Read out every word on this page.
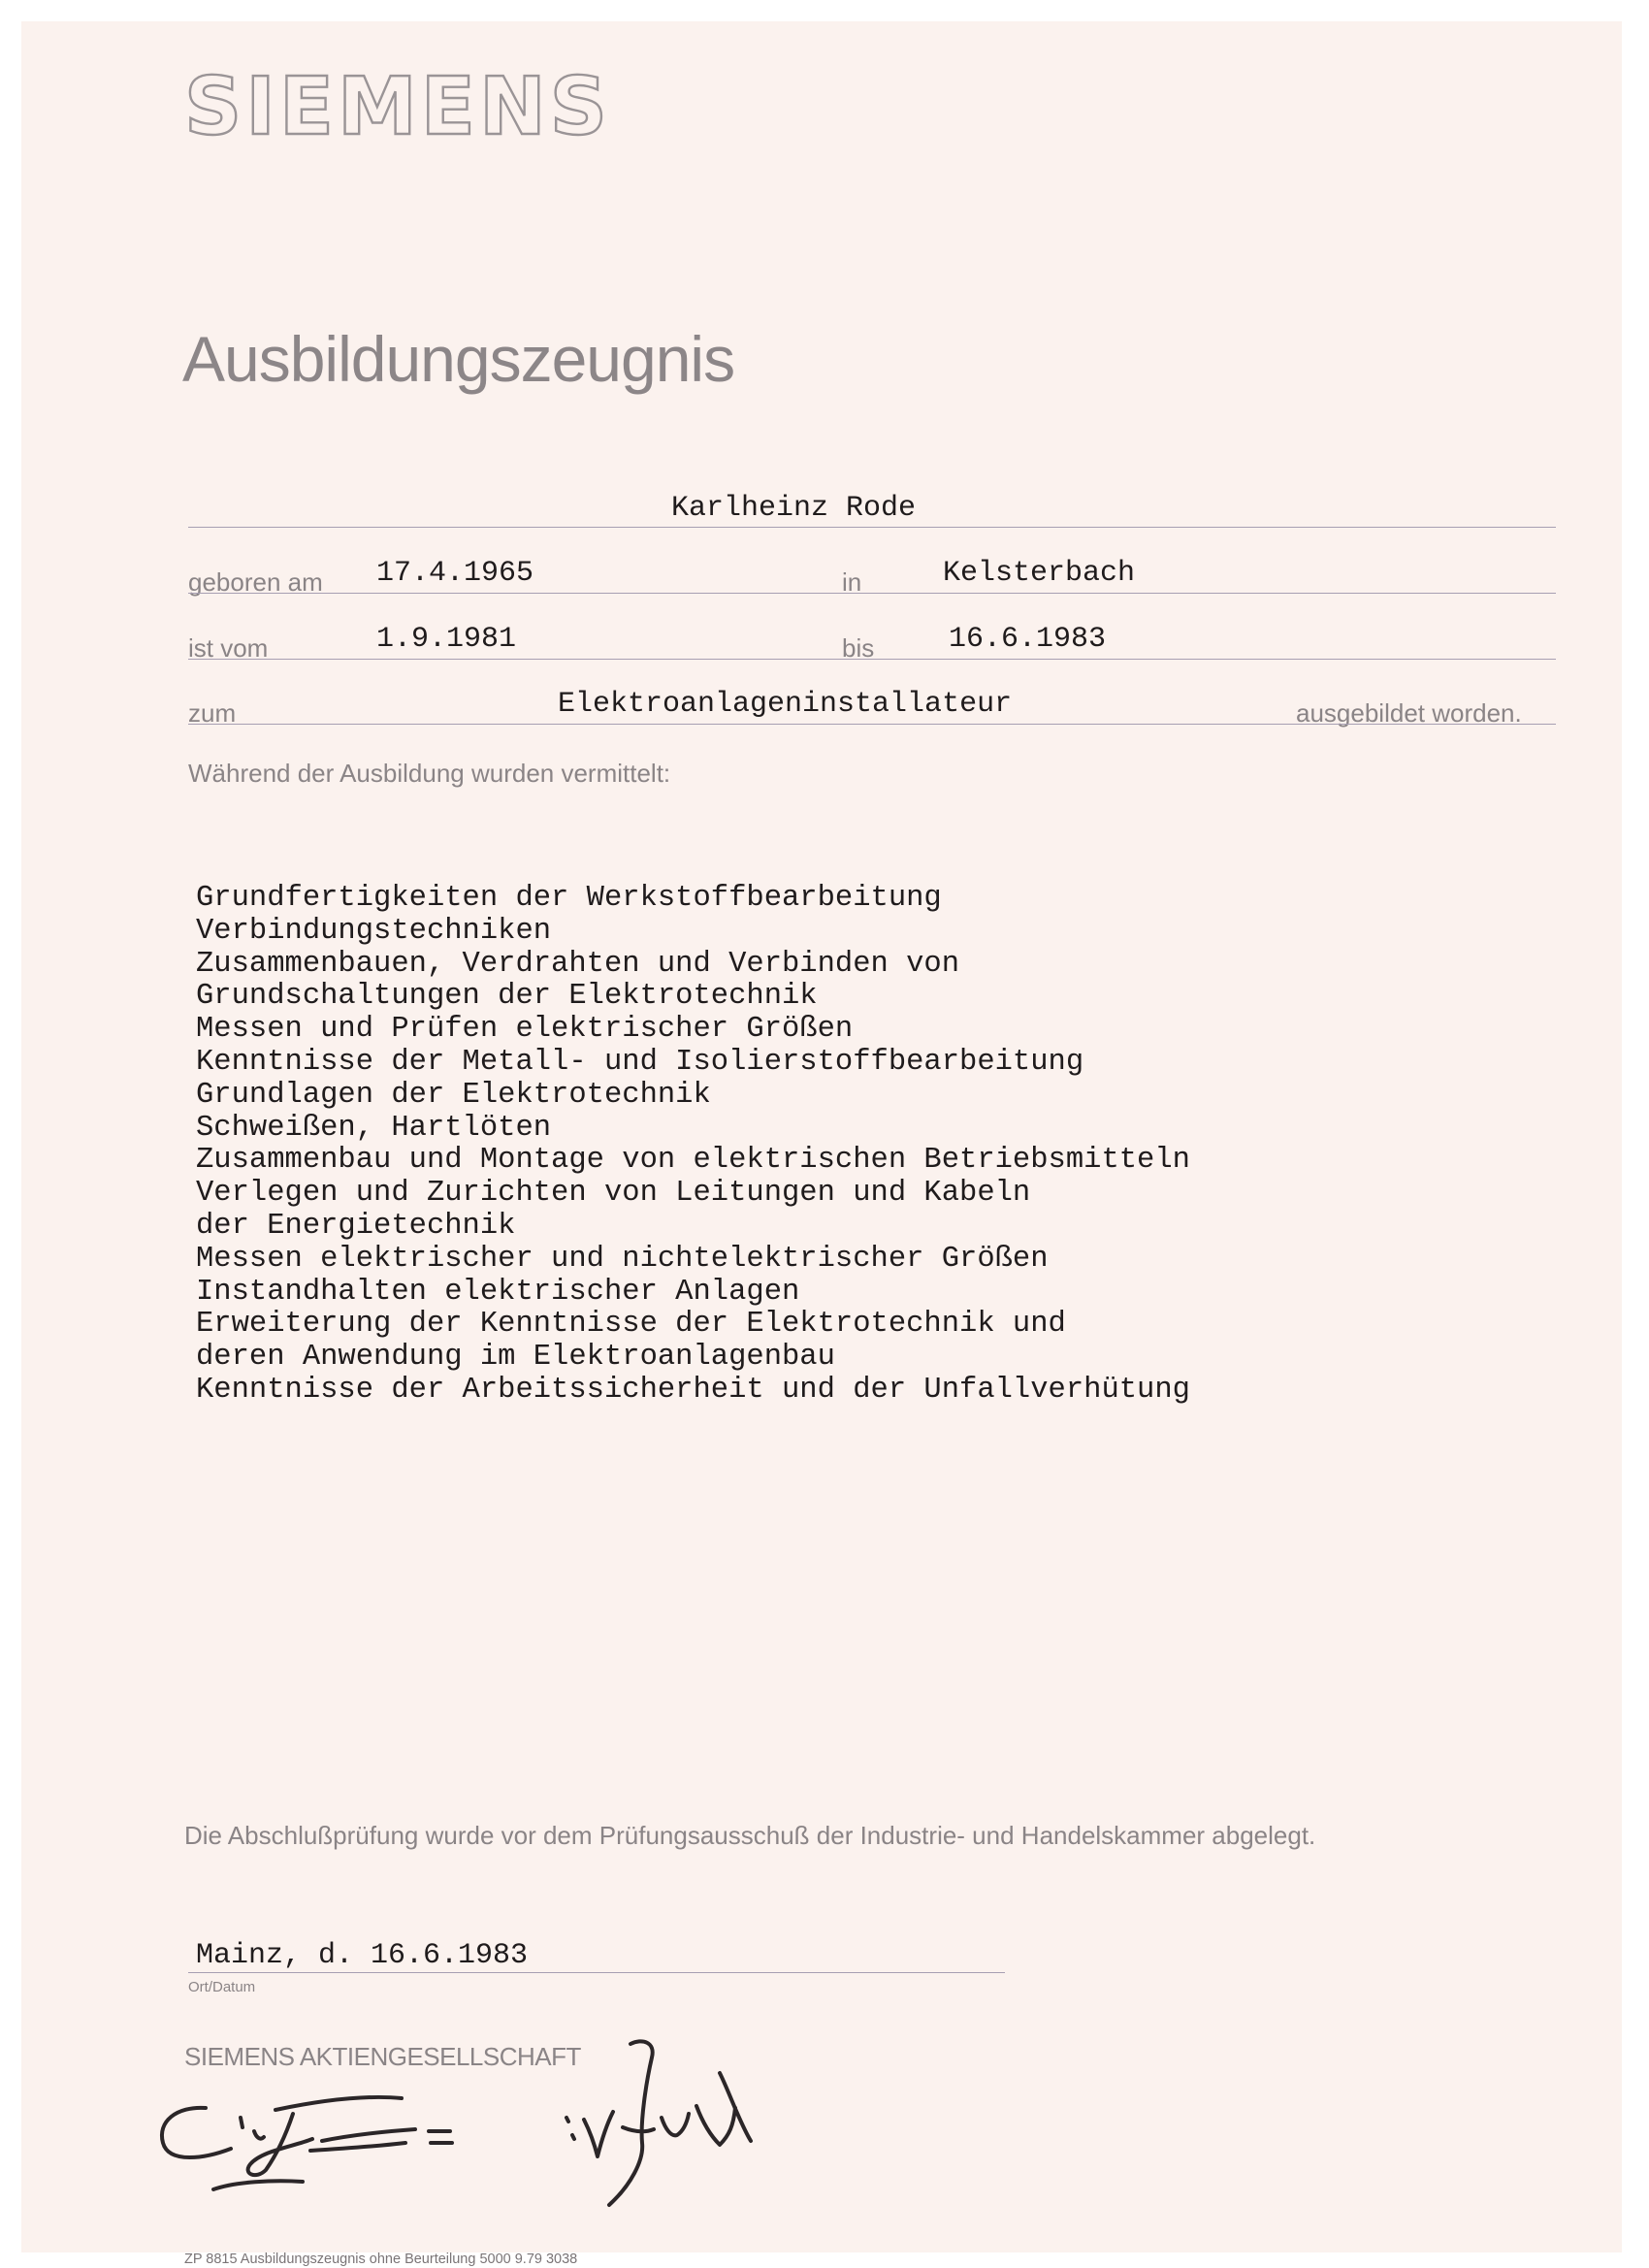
SIEMENS
Ausbildungszeugnis
Karlheinz Rode
geboren am 17.4.1965	in	Kelsterbach
ist vom	1.9.1981	bis	16.6.1983
zum	Elektroanlageninstallateur	ausgebildet worden.
Während der Ausbildung wurden vermittelt:
Grundfertigkeiten der Werkstoffbearbeitung
Verbindungstechniken
Zusammenbauen, Verdrahten und Verbinden von
Grundschaltungen der Elektrotechnik
Messen und Prüfen elektrischer Größen
Kenntnisse der Metall- und Isolierstoffbearbeitung
Grundlagen der Elektrotechnik
Schweißen, Hartlöten
Zusammenbau und Montage von elektrischen Betriebsmitteln
Verlegen und Zurichten von Leitungen und Kabeln
der Energietechnik
Messen elektrischer und nichtelektrischer Größen
Instandhalten elektrischer Anlagen
Erweiterung der Kenntnisse der Elektrotechnik und
deren Anwendung im Elektroanlagenbau
Kenntnisse der Arbeitssicherheit und der Unfallverhütung
Die Abschlußprüfung wurde vor dem Prüfungsausschuß der Industrie- und Handelskammer abgelegt.
Mainz, d. 16.6.1983
Ort/Datum
SIEMENS AKTIENGESELLSCHAFT
ZP 8815 Ausbildungszeugnis ohne Beurteilung 5000 9.79 3038
